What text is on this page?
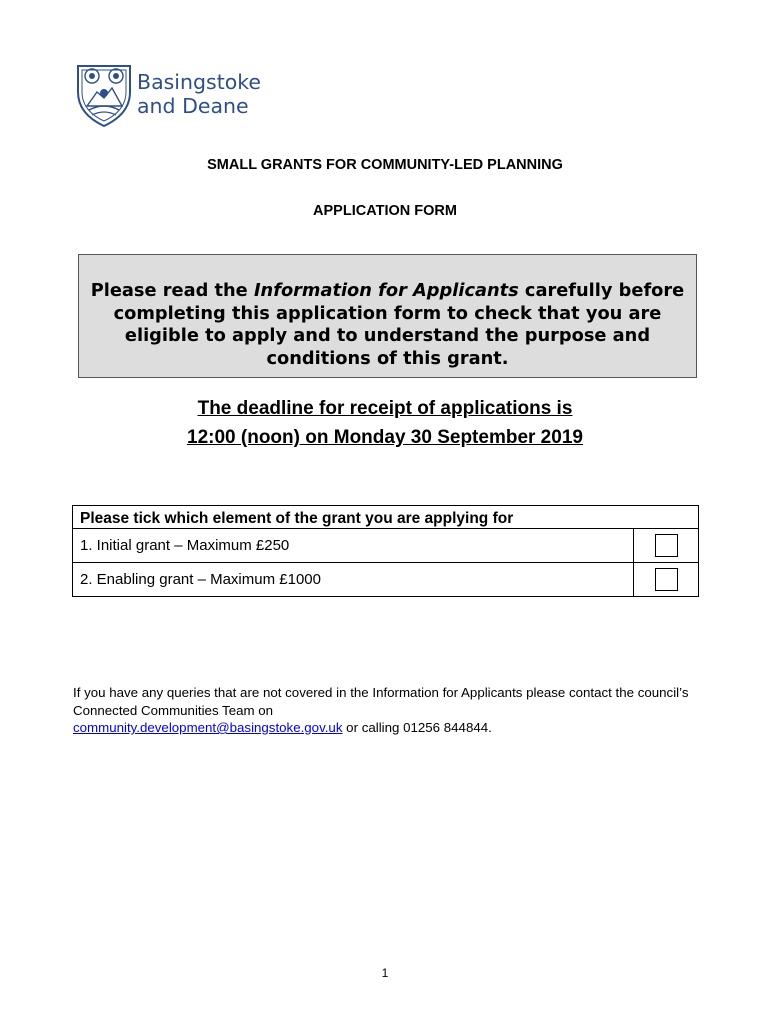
Basingstoke
and Deane
SMALL GRANTS FOR COMMUNITY-LED PLANNING
APPLICATION FORM
Please read the Information for Applicants carefully before completing this application form to check that you are eligible to apply and to understand the purpose and conditions of this grant.
The deadline for receipt of applications is
12:00 (noon) on Monday 30 September 2019
Please tick which element of the grant you are applying for	
1. Initial grant – Maximum £250	
2. Enabling grant – Maximum £1000	
If you have any queries that are not covered in the Information for Applicants please contact the council’s Connected Communities Team on
community.development@basingstoke.gov.uk or calling 01256 844844.
1
